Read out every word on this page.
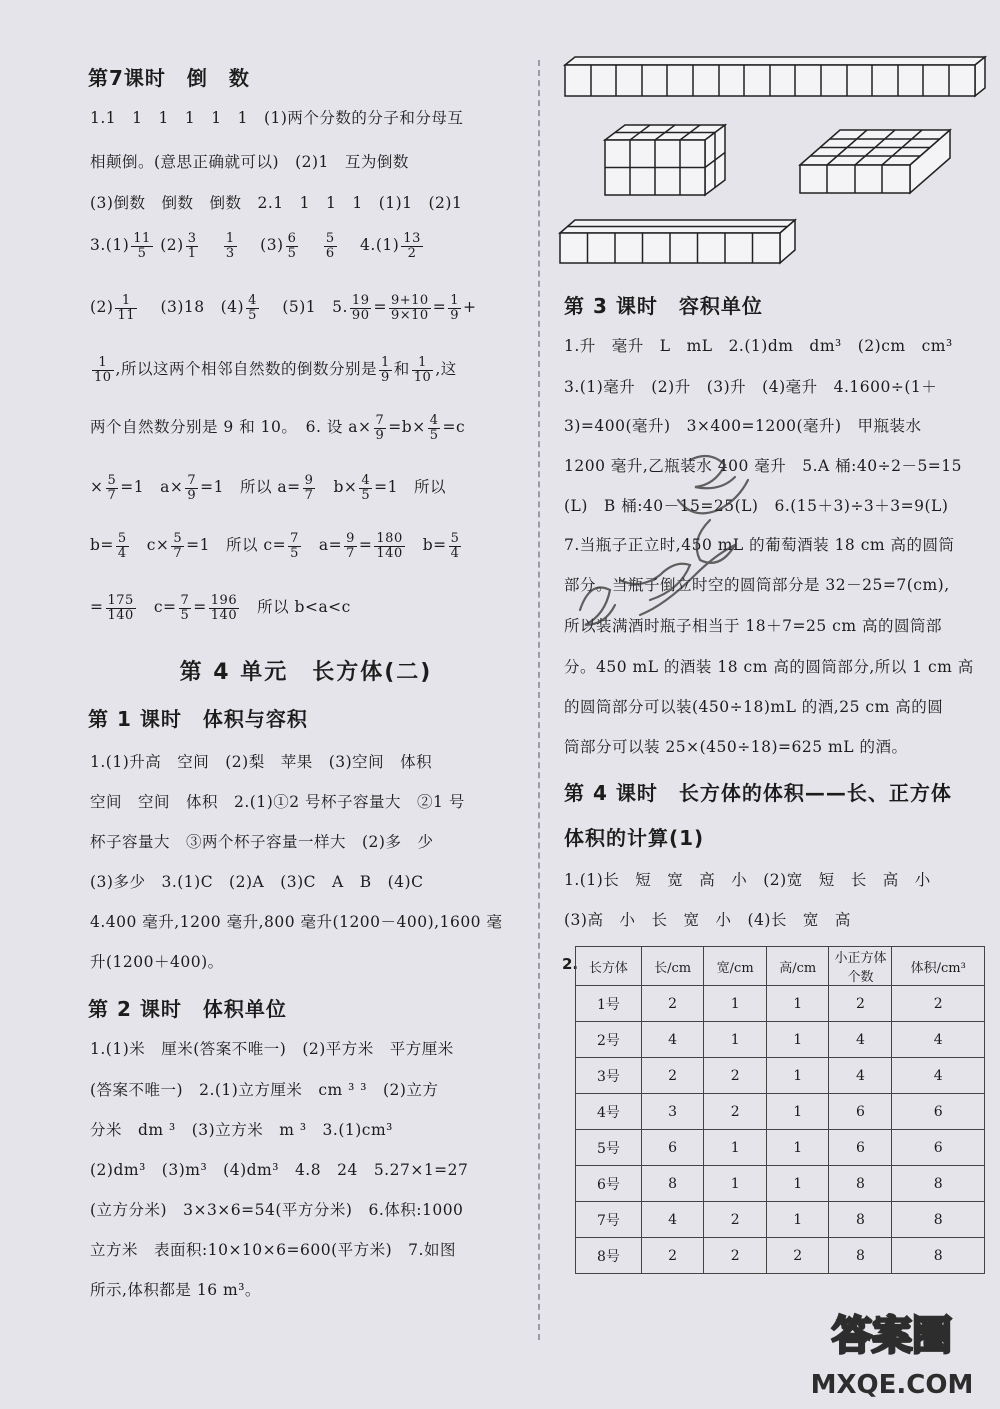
第7课时　倒　数
1.1　1　1　1　1　1　(1)两个分数的分子和分母互
相颠倒。(意思正确就可以)　(2)1　互为倒数
(3)倒数　倒数　倒数　2.1　1　1　1　(1)1　(2)1
$3.(1) \frac{11}{5} (2) \frac{3}{1}$
　 $\frac{1}{3}$
　 $(3) \frac{6}{5}$
　 $\frac{5}{6}$
　 $4.(1) \frac{13}{2}$
$(2) \frac{1}{11}$
　 (3)18　$(4) \frac{4}{5}$
　 (5)1　5. $\frac{19}{90} = \frac{9+10}{9\times 10} = \frac{1}{9}$ +
$\frac{1}{10}$ ,所以这两个相邻自然数的倒数分别是 $\frac{1}{9}$ 和 $\frac{1}{10}$ ,这
两个自然数分别是 9 和 10。　6. 设 $a\times \frac{7}{9} =b\times \frac{4}{5} =c$
× $\frac{5}{7} =1$　$a\times \frac{7}{9} =1$　所以 $a= \frac{9}{7}$ 　$b\times \frac{4}{5} =1$　所以
$b= \frac{5}{4}$ 　$c\times \frac{5}{7} =1$　所以 $c= \frac{7}{5}$ 　$a= \frac{9}{7} = \frac{180}{140}$ 　$b= \frac{5}{4}$
= $\frac{175}{140}$ 　$c= \frac{7}{5} = \frac{196}{140}$ 　所以 b<a<c
第 4 单元　长方体(二)
第 1 课时　体积与容积
1.(1)升高　空间　(2)梨　苹果　(3)空间　体积
空间　空间　体积　2.(1)①2 号杯子容量大　②1 号
杯子容量大　③两个杯子容量一样大　(2)多　少
(3)多少　3.(1)C　(2)A　(3)C　A　B　(4)C
4.400 毫升,1200 毫升,800 毫升(1200－400),1600 毫
升(1200＋400)。
第 2 课时　体积单位
1.(1)米　厘米(答案不唯一)　(2)平方米　平方厘米
(答案不唯一)　2.(1)立方厘米　cm ³ ³　(2)立方
分米　dm ³　(3)立方米　m ³　3.(1)cm³
(2)dm³　(3)m³　(4)dm³　4.8　24　5.27×1=27
(立方分米)　3×3×6=54(平方分米)　6.体积:1000
立方米　表面积:10×10×6=600(平方米)　7.如图
所示,体积都是 16 m³。
第 3 课时　容积单位
1.升　毫升　L　mL　2.(1)dm　dm³　(2)cm　cm³
3.(1)毫升　(2)升　(3)升　(4)毫升　4.1600÷(1＋
3)=400(毫升)　3×400=1200(毫升)　甲瓶装水
1200 毫升,乙瓶装水 400 毫升　5.A 桶:40÷2－5=15
(L)　B 桶:40－15=25(L)　6.(15＋3)÷3＋3=9(L)
7.当瓶子正立时,450 mL 的葡萄酒装 18 cm 高的圆筒
部分。当瓶子倒立时空的圆筒部分是 32－25=7(cm),
所以装满酒时瓶子相当于 18＋7=25 cm 高的圆筒部
分。450 mL 的酒装 18 cm 高的圆筒部分,所以 1 cm 高
的圆筒部分可以装(450÷18)mL 的酒,25 cm 高的圆
筒部分可以装 25×(450÷18)=625 mL 的酒。
第 4 课时　长方体的体积——长、正方体
体积的计算(1)
1.(1)长　短　宽　高　小　(2)宽　短　长　高　小
(3)高　小　长　宽　小　(4)长　宽　高
2. 长方体	长/cm	宽/cm	高/cm	小正方体个数	体积/cm³
1号	2	1	1	2	2
2号	4	1	1	4	4
3号	2	2	1	4	4
4号	3	2	1	6	6
5号	6	1	1	6	6
6号	8	1	1	8	8
7号	4	2	1	8	8
8号	2	2	2	8	8
答案圈
MXQE.COM
